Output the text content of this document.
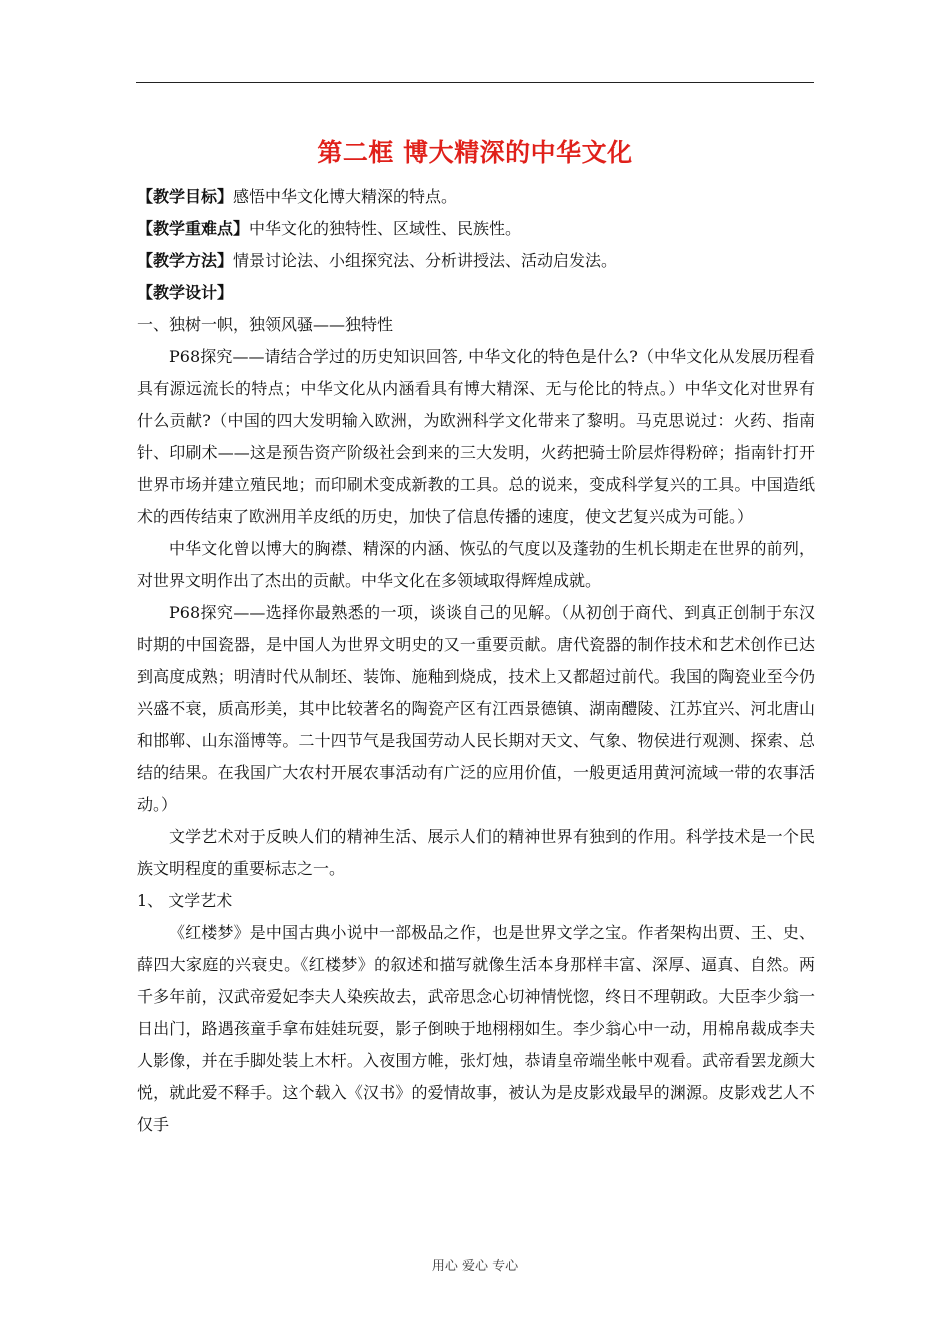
第二框 博大精深的中华文化

【教学目标】感悟中华文化博大精深的特点。

【教学重难点】中华文化的独特性、区域性、民族性。

【教学方法】情景讨论法、小组探究法、分析讲授法、活动启发法。

【教学设计】

一、独树一帜，独领风骚——独特性

P68探究——请结合学过的历史知识回答, 中华文化的特色是什么?（中华文化从发展历程看具有源远流长的特点；中华文化从内涵看具有博大精深、无与伦比的特点。）中华文化对世界有什么贡献?（中国的四大发明输入欧洲，为欧洲科学文化带来了黎明。马克思说过：火药、指南针、印刷术——这是预告资产阶级社会到来的三大发明，火药把骑士阶层炸得粉碎；指南针打开世界市场并建立殖民地；而印刷术变成新教的工具。总的说来，变成科学复兴的工具。中国造纸术的西传结束了欧洲用羊皮纸的历史，加快了信息传播的速度，使文艺复兴成为可能。）

中华文化曾以博大的胸襟、精深的内涵、恢弘的气度以及蓬勃的生机长期走在世界的前列，对世界文明作出了杰出的贡献。中华文化在多领域取得辉煌成就。

P68探究——选择你最熟悉的一项，谈谈自己的见解。（从初创于商代、到真正创制于东汉时期的中国瓷器，是中国人为世界文明史的又一重要贡献。唐代瓷器的制作技术和艺术创作已达到高度成熟；明清时代从制坯、装饰、施釉到烧成，技术上又都超过前代。我国的陶瓷业至今仍兴盛不衰，质高形美，其中比较著名的陶瓷产区有江西景德镇、湖南醴陵、江苏宜兴、河北唐山和邯郸、山东淄博等。二十四节气是我国劳动人民长期对天文、气象、物侯进行观测、探索、总结的结果。在我国广大农村开展农事活动有广泛的应用价值，一般更适用黄河流域一带的农事活动。）

文学艺术对于反映人们的精神生活、展示人们的精神世界有独到的作用。科学技术是一个民族文明程度的重要标志之一。

1、 文学艺术

《红楼梦》是中国古典小说中一部极品之作，也是世界文学之宝。作者架构出贾、王、史、薛四大家庭的兴衰史。《红楼梦》的叙述和描写就像生活本身那样丰富、深厚、逼真、自然。两千多年前，汉武帝爱妃李夫人染疾故去，武帝思念心切神情恍惚，终日不理朝政。大臣李少翁一日出门，路遇孩童手拿布娃娃玩耍，影子倒映于地栩栩如生。李少翁心中一动，用棉帛裁成李夫人影像，并在手脚处装上木杆。入夜围方帷，张灯烛，恭请皇帝端坐帐中观看。武帝看罢龙颜大悦，就此爱不释手。这个载入《汉书》的爱情故事，被认为是皮影戏最早的渊源。皮影戏艺人不仅手

用心 爱心 专心
